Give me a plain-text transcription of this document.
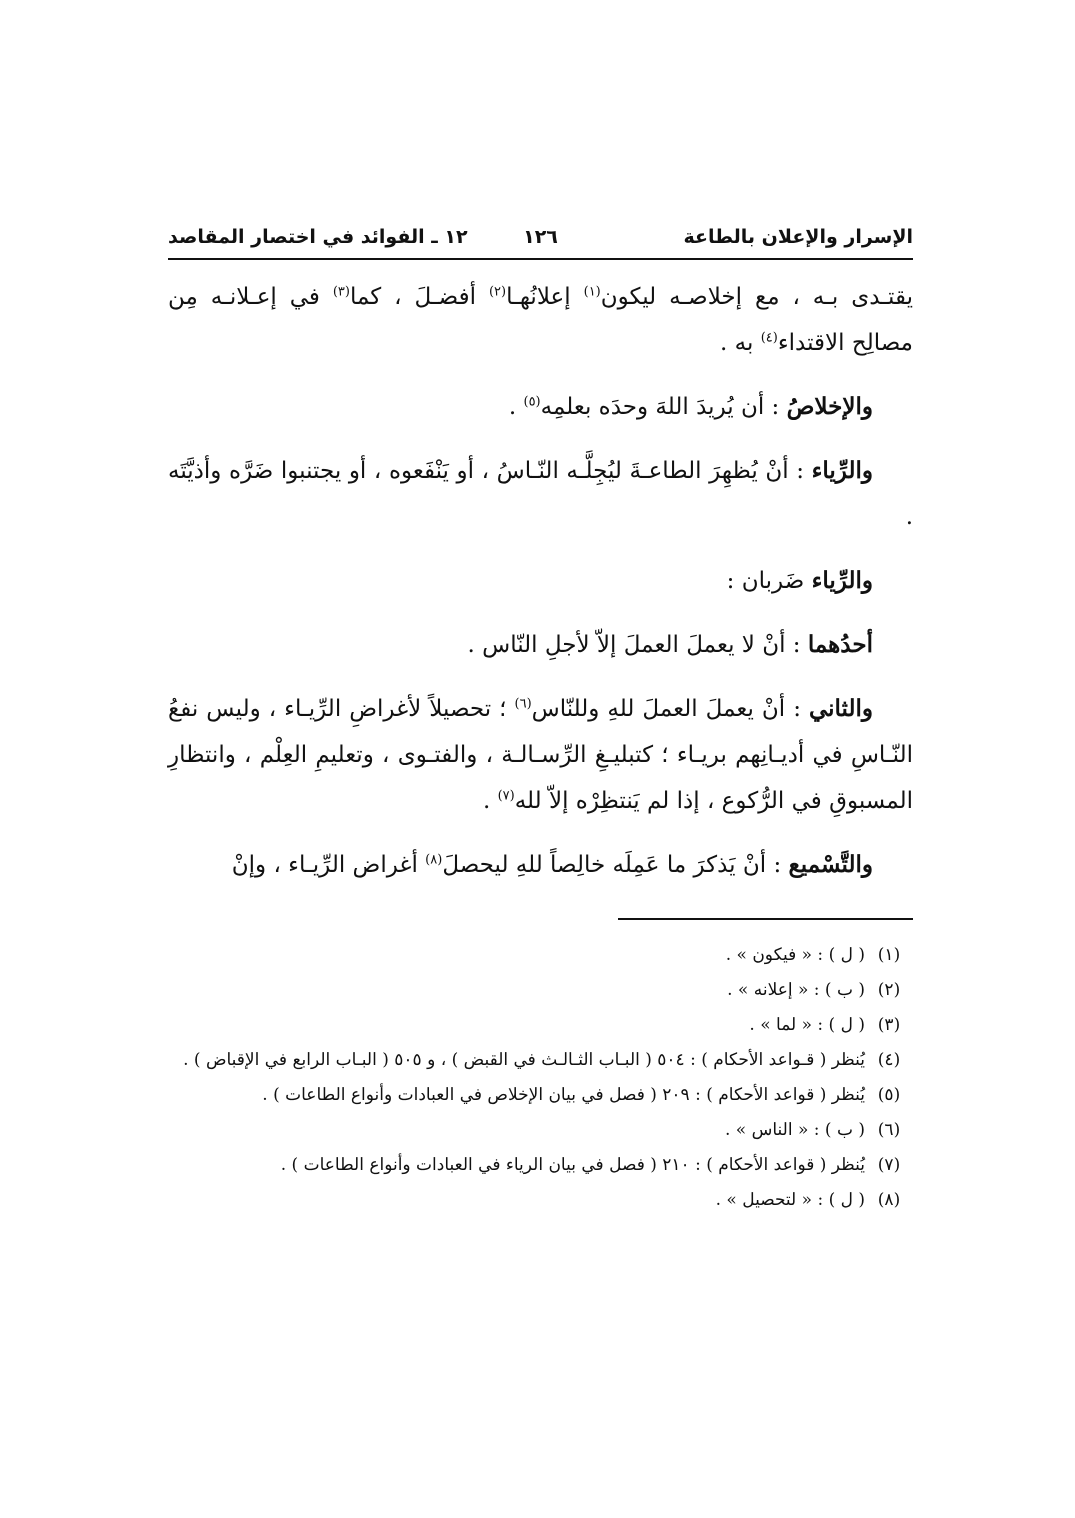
الإسرار والإعلان بالطاعة
١٢٦
١٢ ـ الفوائد في اختصار المقاصد

يقتـدى بـه ، مع إخلاصـه ليكون$^{(١)}$ إعلانُهـا$^{(٢)}$ أفضـلَ ، كما$^{(٣)}$ في إعـلانـه مِن مصالِح الاقتداء$^{(٤)}$ به .

والإخلاصُ : أن يُريدَ اللهَ وحدَه بعلمِه$^{(٥)}$ .

والرِّياء : أنْ يُظهِرَ الطاعـةَ ليُجِلَّـه النّـاسُ ، أو يَنْفَعوه ، أو يجتنبوا ضَرَّه وأذيَّتَه .

والرِّياء ضَربان :

أحدُهما : أنْ لا يعملَ العملَ إلاّ لأجلِ النّاس .

والثاني : أنْ يعملَ العملَ للهِ وللنّاس$^{(٦)}$ ؛ تحصيلاً لأغراضِ الرِّيـاء ، وليس نفعُ النّـاسِ في أديـانِهم بريـاء ؛ كتبليـغِ الرِّسـالـة ، والفتـوى ، وتعليمِ العِلْم ، وانتظارِ المسبوقِ في الرُّكوع ، إذا لم يَنتظِرْه إلاّ لله$^{(٧)}$ .

والتَّسْميع : أنْ يَذكرَ ما عَمِلَه خالِصاً للهِ ليحصلَ$^{(٨)}$ أغراض الرِّيـاء ، وإنْ

(١)
( ل ) : « فيكون » .
(٢)
( ب ) : « إعلانه » .
(٣)
( ل ) : « لما » .
(٤)
يُنظر ( قـواعد الأحكام ) : ٥٠٤ ( البـاب الثـالـث في القبض ) ، و ٥٠٥ ( البـاب الرابع في الإقباض ) .
(٥)
يُنظر ( قواعد الأحكام ) : ٢٠٩ ( فصل في بيان الإخلاص في العبادات وأنواع الطاعات ) .
(٦)
( ب ) : « الناس » .
(٧)
يُنظر ( قواعد الأحكام ) : ٢١٠ ( فصل في بيان الرياء في العبادات وأنواع الطاعات ) .
(٨)
( ل ) : « لتحصيل » .
